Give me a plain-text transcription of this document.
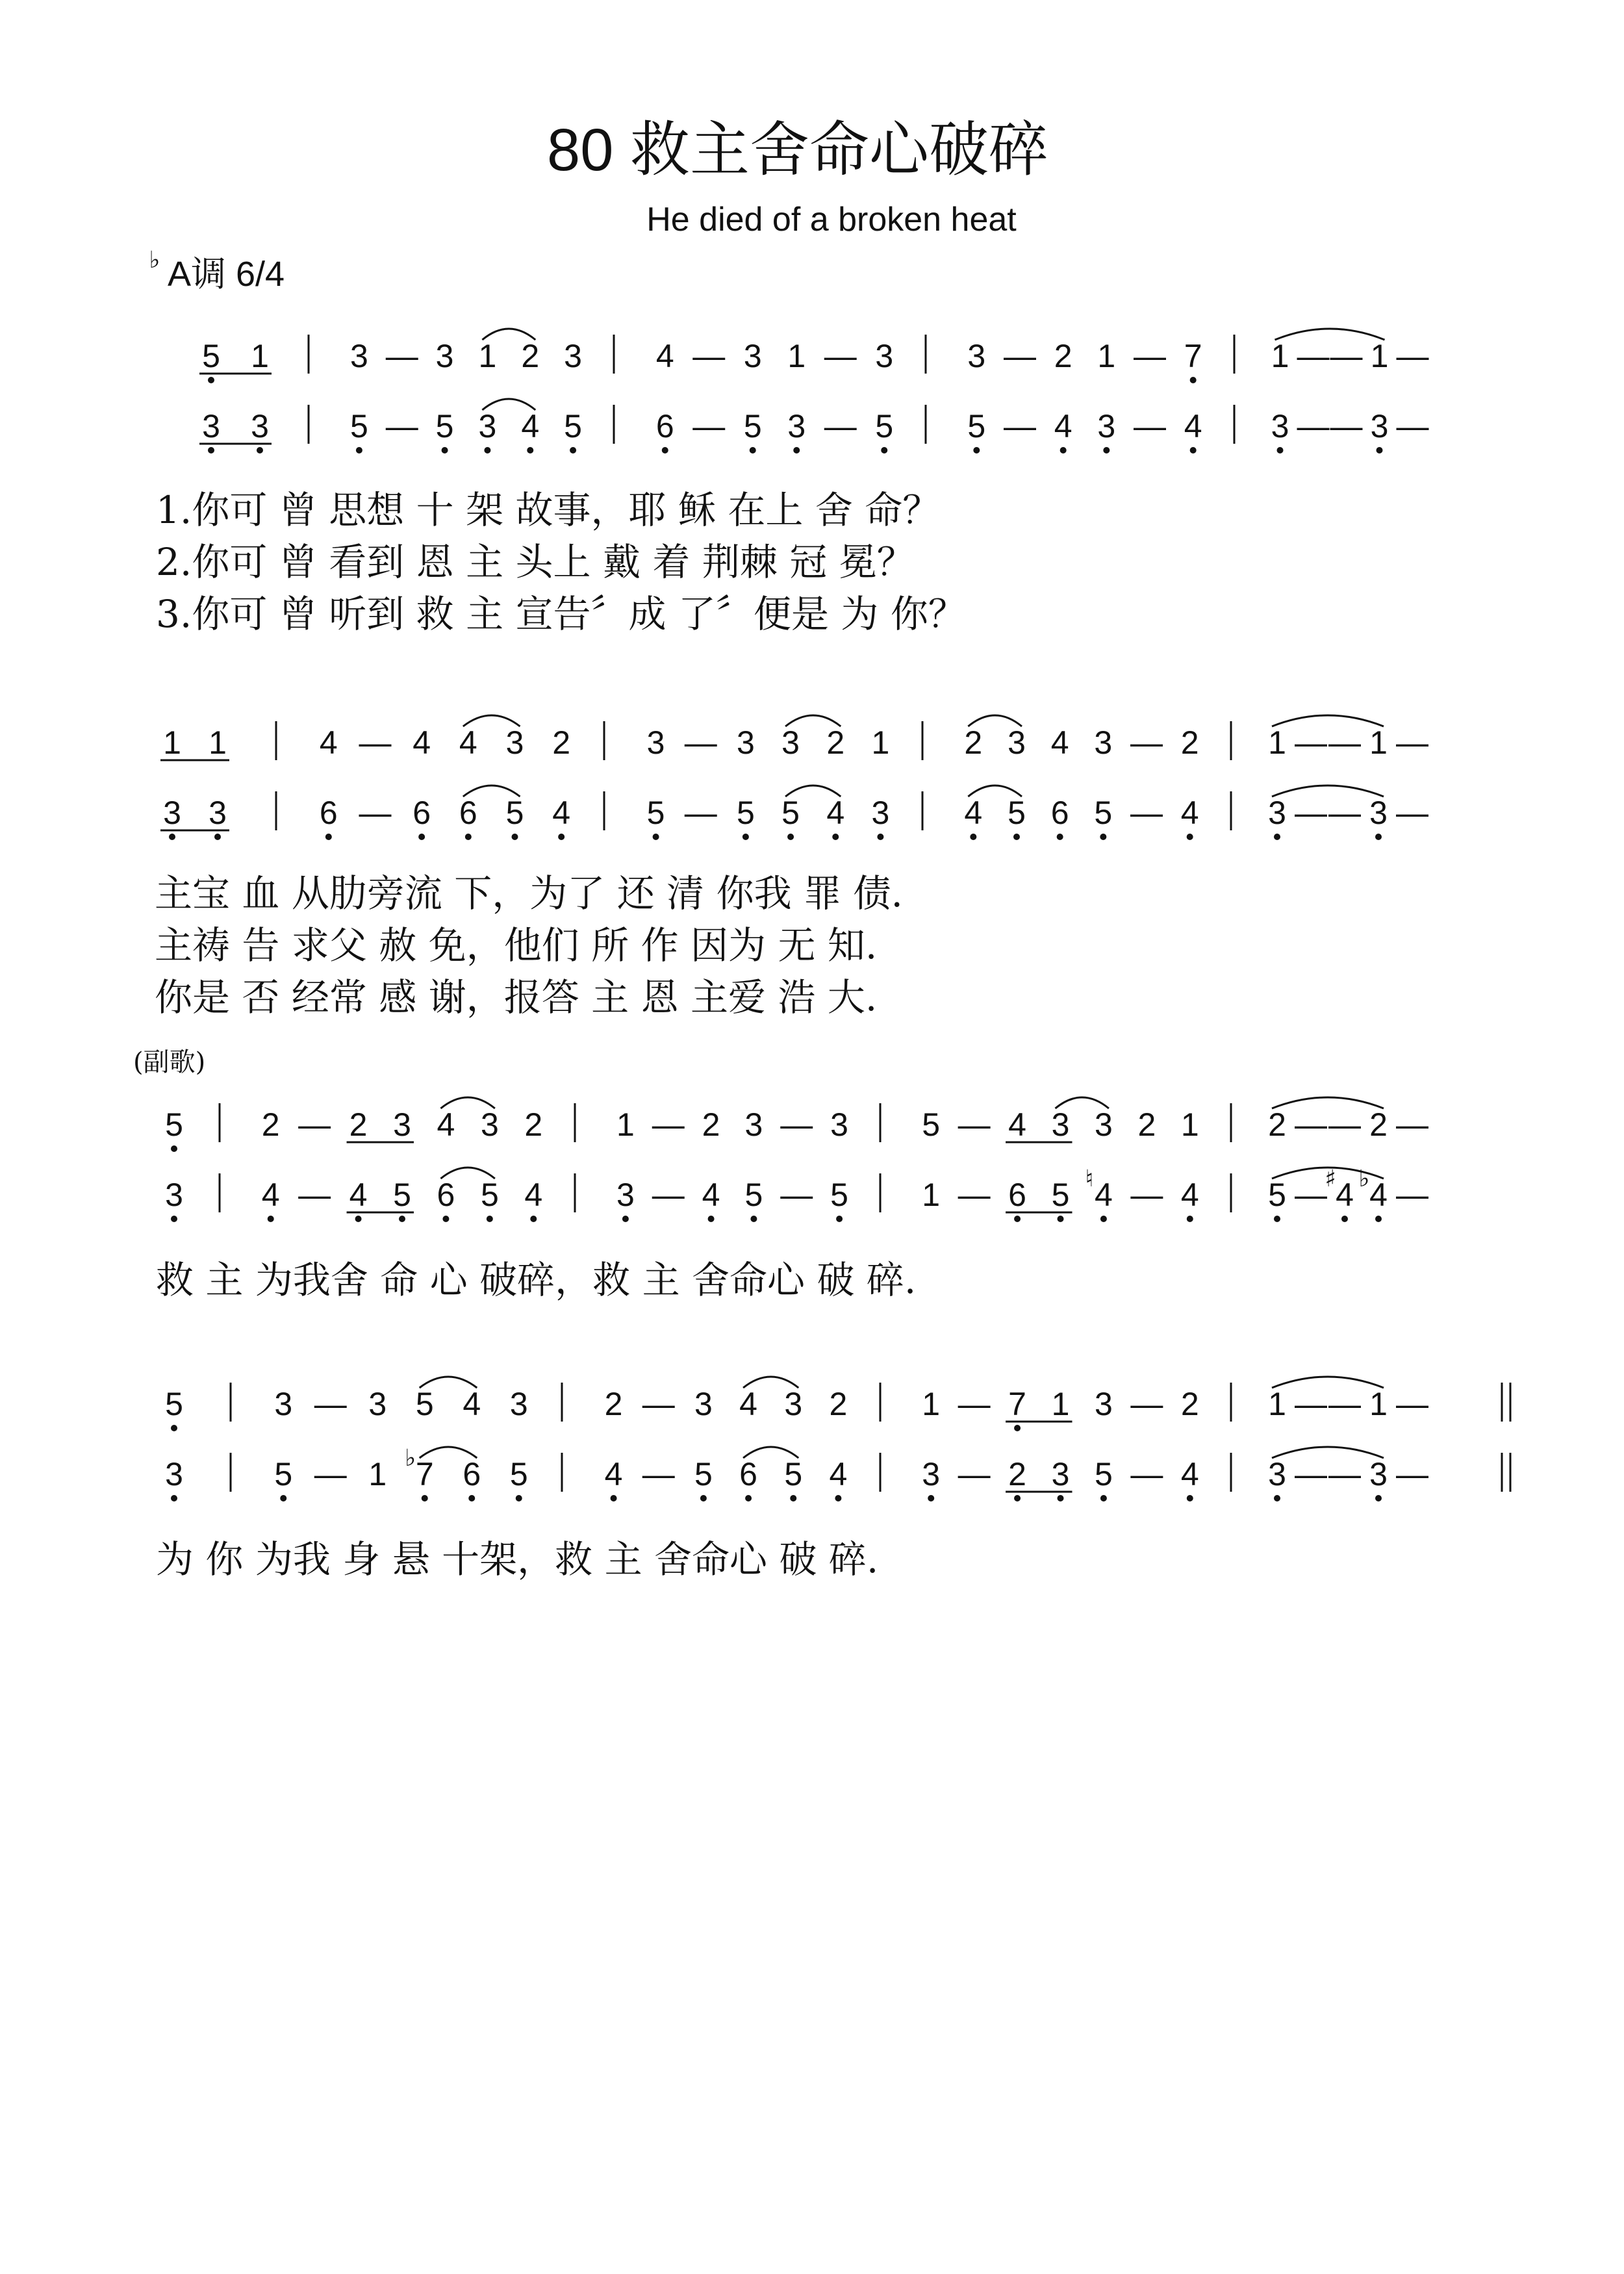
80 救主舍命心破碎
He died of a broken heat
♭ A调 6/4
(副歌)
5 1
3 3
3 — 3 1 2 3
5 — 5 3 4 5
4 — 3 1 — 3
6 — 5 3 — 5
3 — 2 1 — 7
5 — 4 3 — 4
1 — — 1 —
3 — — 3 —
1.你可 曾 思想 十 架 故事，耶 稣 在上 舍 命？
2.你可 曾 看到 恩 主 头上 戴 着 荆棘 冠 冕？
3.你可 曾 听到 救 主 宣告〞成 了〞便是 为 你？
1 1
3 3
4 — 4 4 3 2
6 — 6 6 5 4
3 — 3 3 2 1
5 — 5 5 4 3
2 3 4 3 — 2
4 5 6 5 — 4
1 — — 1 —
3 — — 3 —
主宝 血 从肋旁流 下，为了 还 清 你我 罪 债.
主祷 告 求父 赦 免，他们 所 作 因为 无 知.
你是 否 经常 感 谢，报答 主 恩 主爱 浩 大.
5
3
2 — 2 3 4 3 2
4 — 4 5 6 5 4
1 — 2 3 — 3
3 — 4 5 — 5
5 — 4 3 3 2 1
1 — 6 5 4
♮ — 4
2 — — 2 —
5 — 4
♯ 4
♭ —
救 主 为我舍 命 心 破碎，救 主 舍命心 破 碎.
5
3
3 — 3 5 4 3
5 — 1 7
♭ 6 5
2 — 3 4 3 2
4 — 5 6 5 4
1 — 7 1 3 — 2
3 — 2 3 5 — 4
1 — — 1 —
3 — — 3 —
为 你 为我 身 悬 十架，救 主 舍命心 破 碎.
